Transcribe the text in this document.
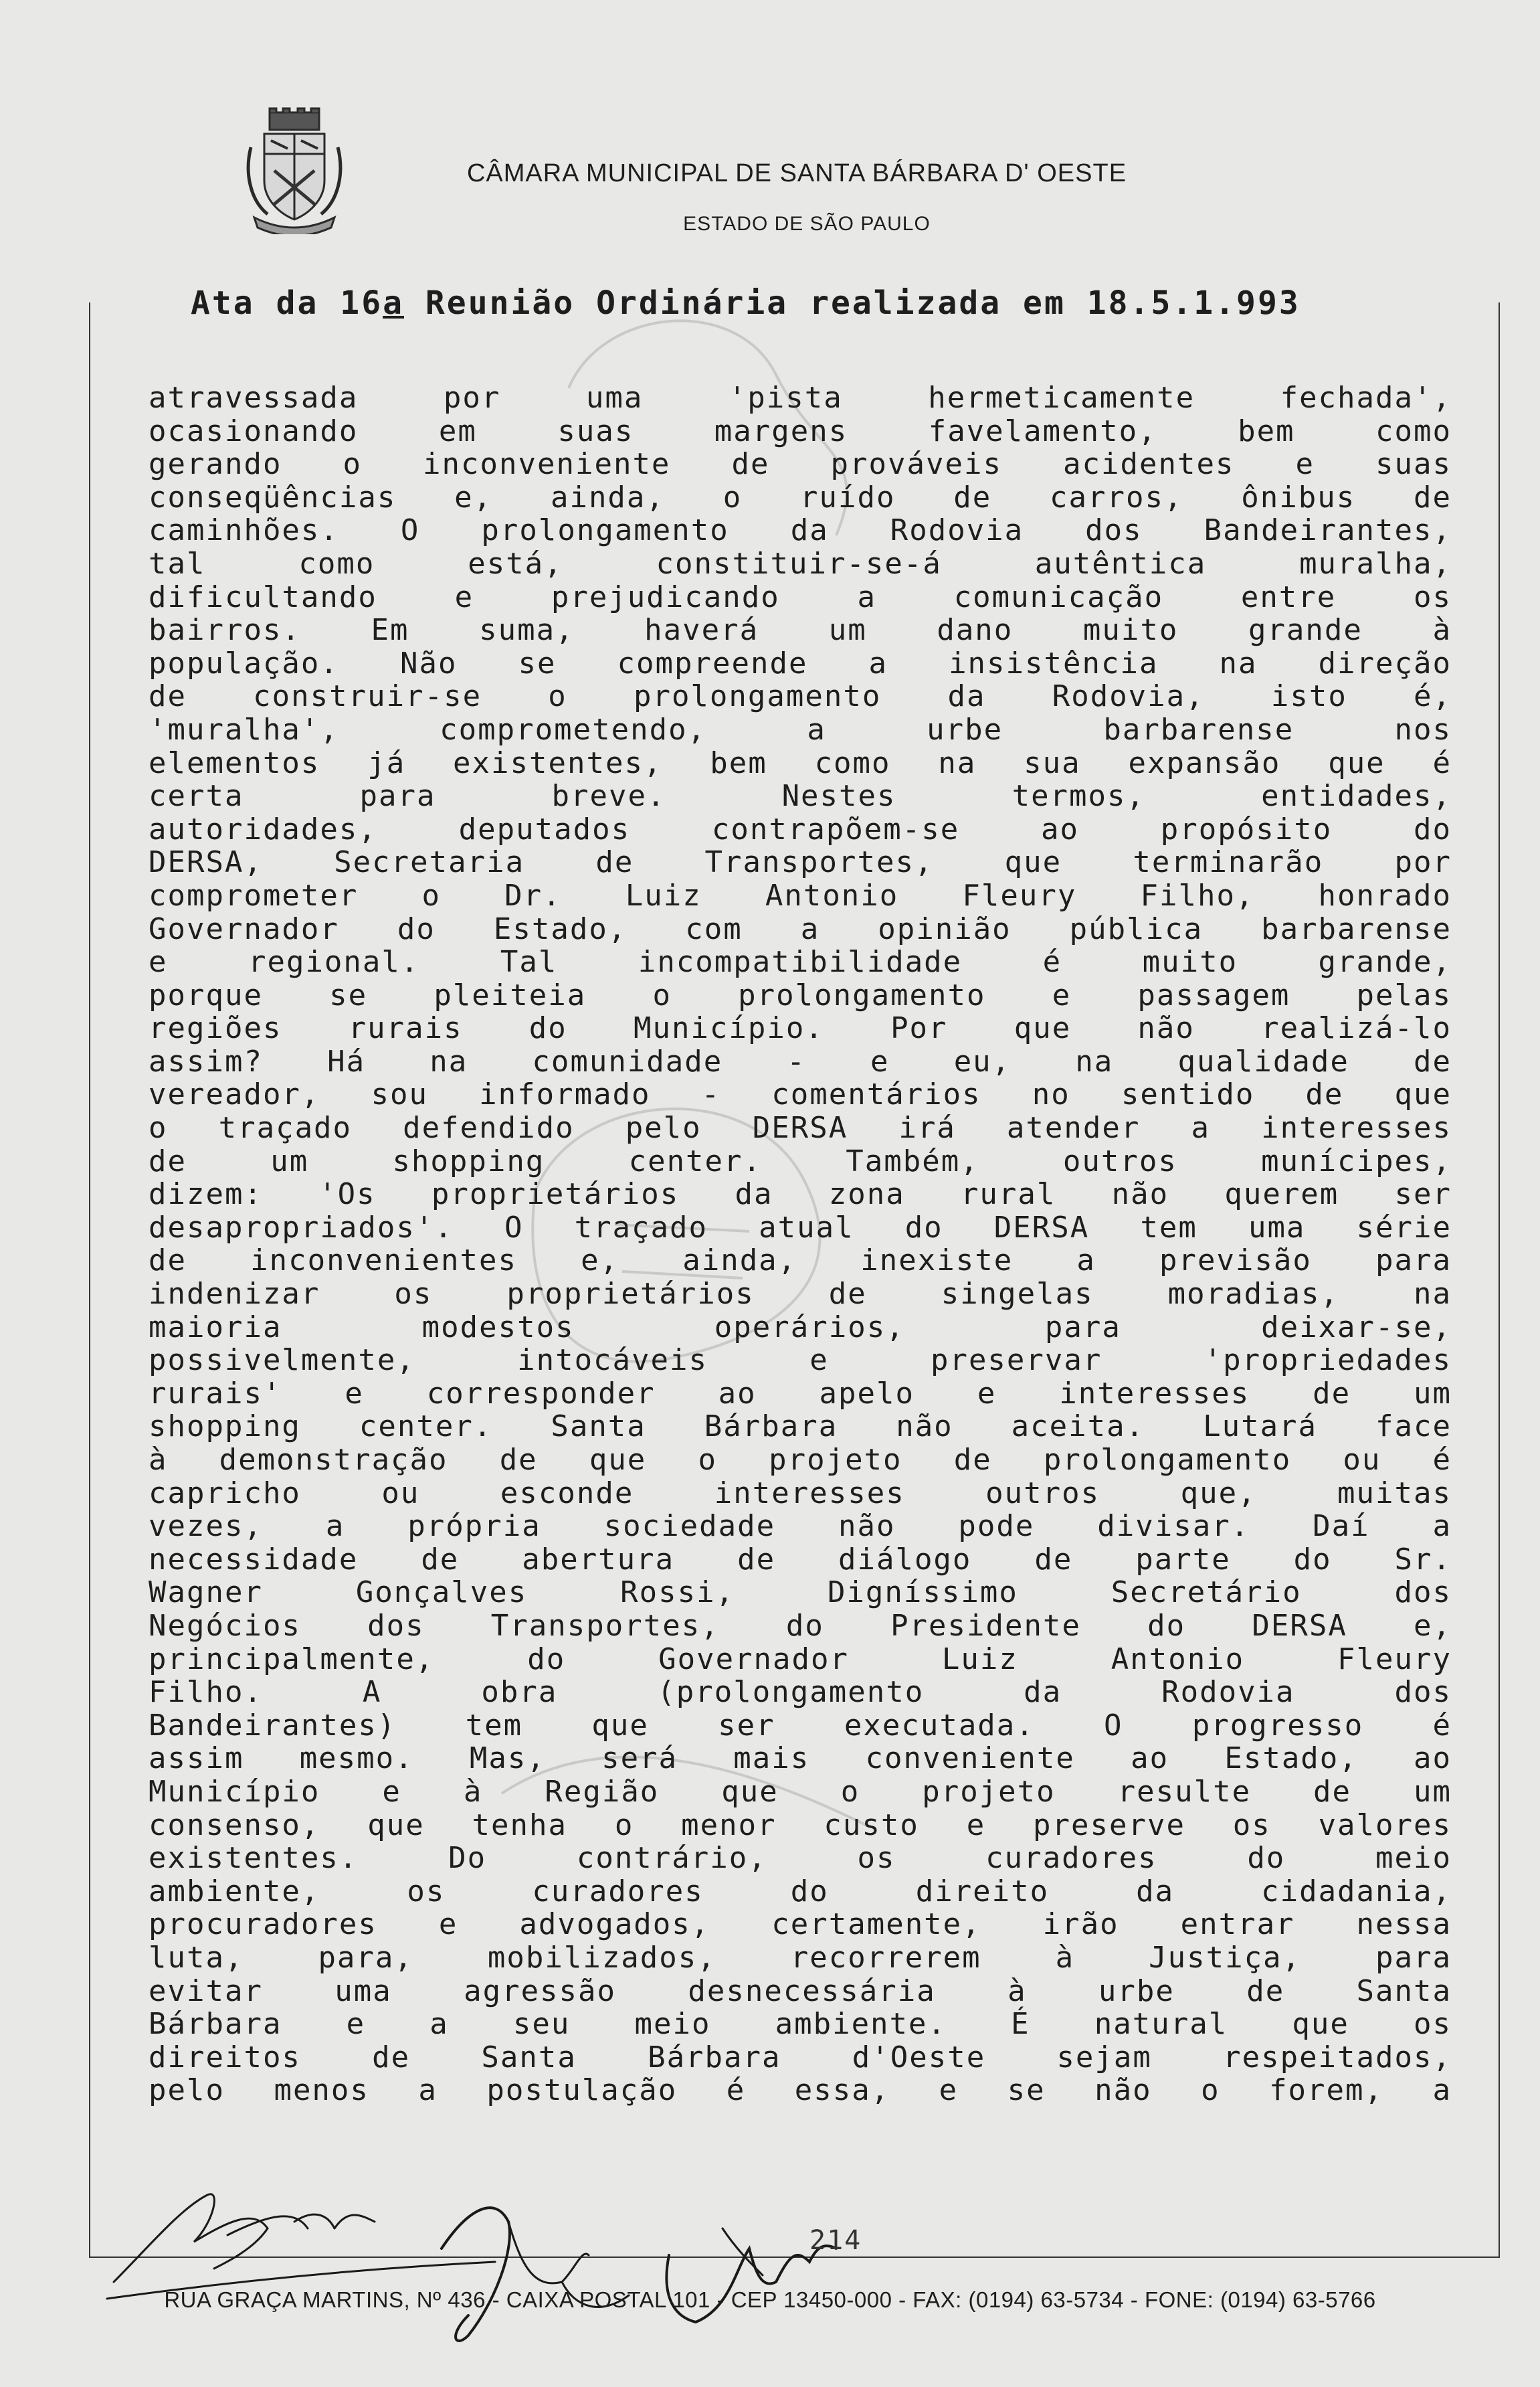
CÂMARA MUNICIPAL DE SANTA BÁRBARA D' OESTE
ESTADO DE SÃO PAULO
Ata da 16a Reunião Ordinária realizada em 18.5.1.993
atravessada por uma 'pista hermeticamente fechada',
ocasionando em suas margens favelamento, bem como
gerando o inconveniente de prováveis acidentes e suas
conseqüências e, ainda, o ruído de carros, ônibus de
caminhões. O prolongamento da Rodovia dos Bandeirantes,
tal como está, constituir-se-á autêntica muralha,
dificultando e prejudicando a comunicação entre os
bairros. Em suma, haverá um dano muito grande à
população. Não se compreende a insistência na direção
de construir-se o prolongamento da Rodovia, isto é,
'muralha', comprometendo, a urbe barbarense nos
elementos já existentes, bem como na sua expansão que é
certa para breve. Nestes termos, entidades,
autoridades, deputados contrapõem-se ao propósito do
DERSA, Secretaria de Transportes, que terminarão por
comprometer o Dr. Luiz Antonio Fleury Filho, honrado
Governador do Estado, com a opinião pública barbarense
e regional. Tal incompatibilidade é muito grande,
porque se pleiteia o prolongamento e passagem pelas
regiões rurais do Município. Por que não realizá-lo
assim? Há na comunidade - e eu, na qualidade de
vereador, sou informado - comentários no sentido de que
o traçado defendido pelo DERSA irá atender a interesses
de um shopping center. Também, outros munícipes,
dizem: 'Os proprietários da zona rural não querem ser
desapropriados'. O traçado atual do DERSA tem uma série
de inconvenientes e, ainda, inexiste a previsão para
indenizar os proprietários de singelas moradias, na
maioria modestos operários, para deixar-se,
possivelmente, intocáveis e preservar 'propriedades
rurais' e corresponder ao apelo e interesses de um
shopping center. Santa Bárbara não aceita. Lutará face
à demonstração de que o projeto de prolongamento ou é
capricho ou esconde interesses outros que, muitas
vezes, a própria sociedade não pode divisar. Daí a
necessidade de abertura de diálogo de parte do Sr.
Wagner Gonçalves Rossi, Digníssimo Secretário dos
Negócios dos Transportes, do Presidente do DERSA e,
principalmente, do Governador Luiz Antonio Fleury
Filho. A obra (prolongamento da Rodovia dos
Bandeirantes) tem que ser executada. O progresso é
assim mesmo. Mas, será mais conveniente ao Estado, ao
Município e à Região que o projeto resulte de um
consenso, que tenha o menor custo e preserve os valores
existentes. Do contrário, os curadores do meio
ambiente, os curadores do direito da cidadania,
procuradores e advogados, certamente, irão entrar nessa
luta, para, mobilizados, recorrerem à Justiça, para
evitar uma agressão desnecessária à urbe de Santa
Bárbara e a seu meio ambiente. É natural que os
direitos de Santa Bárbara d'Oeste sejam respeitados,
pelo menos a postulação é essa, e se não o forem, a
214
RUA GRAÇA MARTINS, Nº 436 - CAIXA POSTAL 101 - CEP 13450-000 - FAX: (0194) 63-5734 - FONE: (0194) 63-5766
